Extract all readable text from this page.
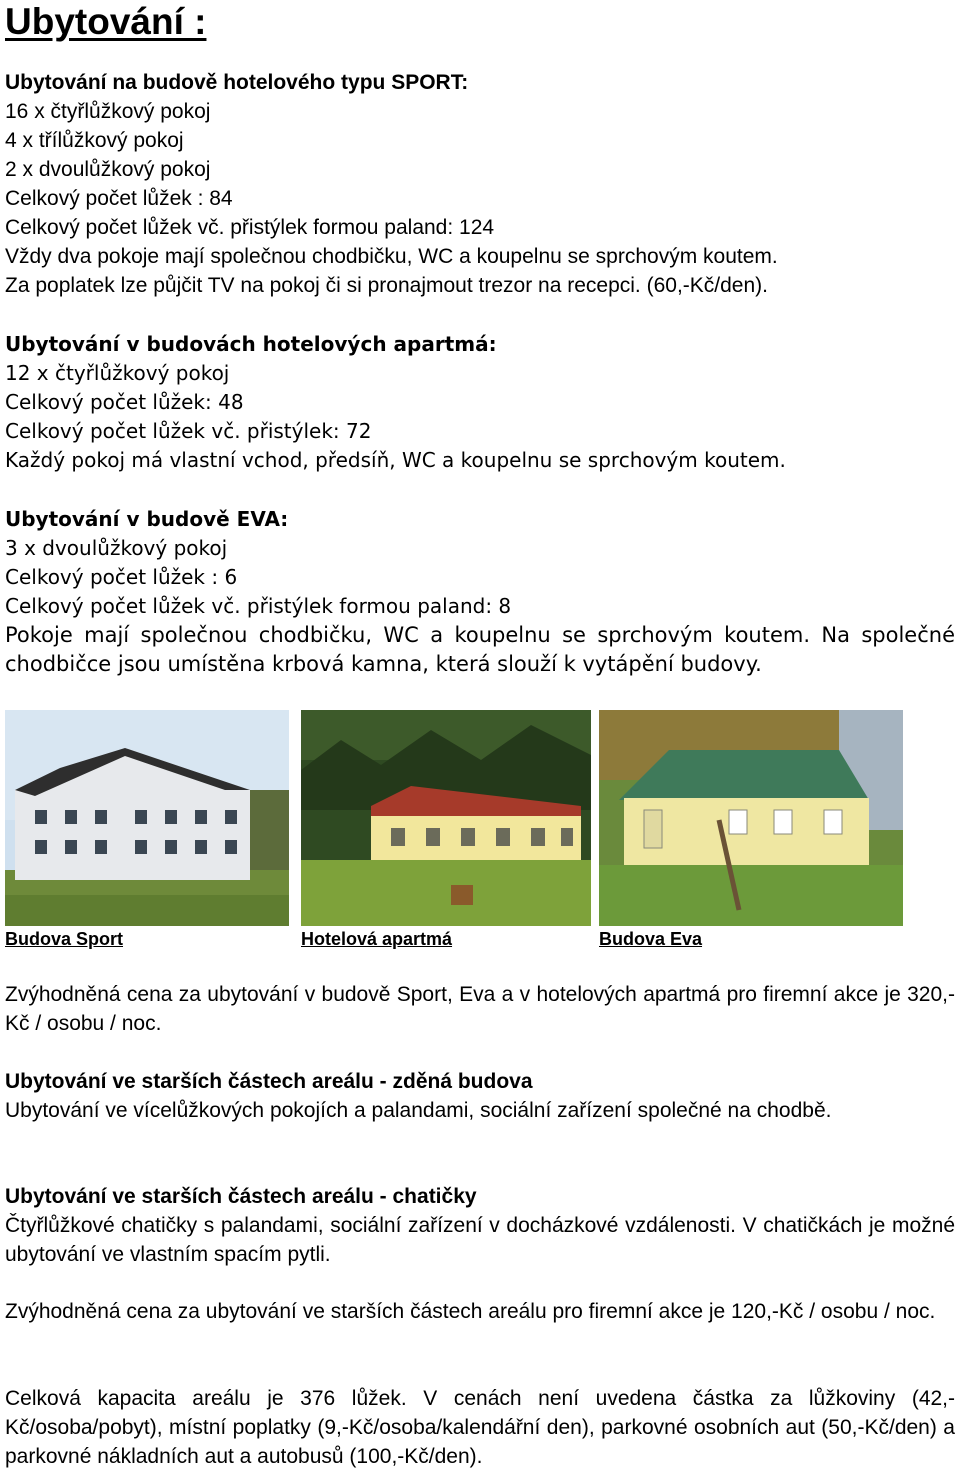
Ubytování :
Ubytování na budově hotelového typu SPORT:
16 x čtyřlůžkový pokoj
4 x třílůžkový pokoj
2 x dvoulůžkový pokoj
Celkový počet lůžek : 84
Celkový počet lůžek vč. přistýlek formou paland: 124
Vždy dva pokoje mají společnou chodbičku, WC a koupelnu se sprchovým koutem.
Za poplatek lze půjčit TV na pokoj či si pronajmout trezor na recepci. (60,-Kč/den).
Ubytování v budovách hotelových apartmá:
12 x čtyřlůžkový pokoj
Celkový počet lůžek: 48
Celkový počet lůžek vč. přistýlek: 72
Každý pokoj má vlastní vchod, předsíň, WC a koupelnu se sprchovým koutem.
Ubytování v budově EVA:
3 x dvoulůžkový pokoj
Celkový počet lůžek : 6
Celkový počet lůžek vč. přistýlek formou paland: 8
Pokoje mají společnou chodbičku, WC a koupelnu se sprchovým koutem. Na společné chodbičce jsou umístěna krbová kamna, která slouží k vytápění budovy.
Budova Sport	Hotelová apartmá	Budova Eva
Zvýhodněná cena za ubytování v budově Sport, Eva a v hotelových apartmá pro firemní akce je 320,-Kč / osobu / noc.
Ubytování ve starších částech areálu - zděná budova
Ubytování ve vícelůžkových pokojích a palandami, sociální zařízení společné na chodbě.
Ubytování ve starších částech areálu - chatičky
Čtyřlůžkové chatičky s palandami, sociální zařízení v docházkové vzdálenosti. V chatičkách je možné ubytování ve vlastním spacím pytli.
Zvýhodněná cena za ubytování ve starších částech areálu pro firemní akce je 120,-Kč / osobu / noc.
Celková kapacita areálu je 376 lůžek. V cenách není uvedena částka za lůžkoviny (42,-Kč/osoba/pobyt), místní poplatky (9,-Kč/osoba/kalendářní den), parkovné osobních aut (50,-Kč/den) a parkovné nákladních aut a autobusů (100,-Kč/den).
